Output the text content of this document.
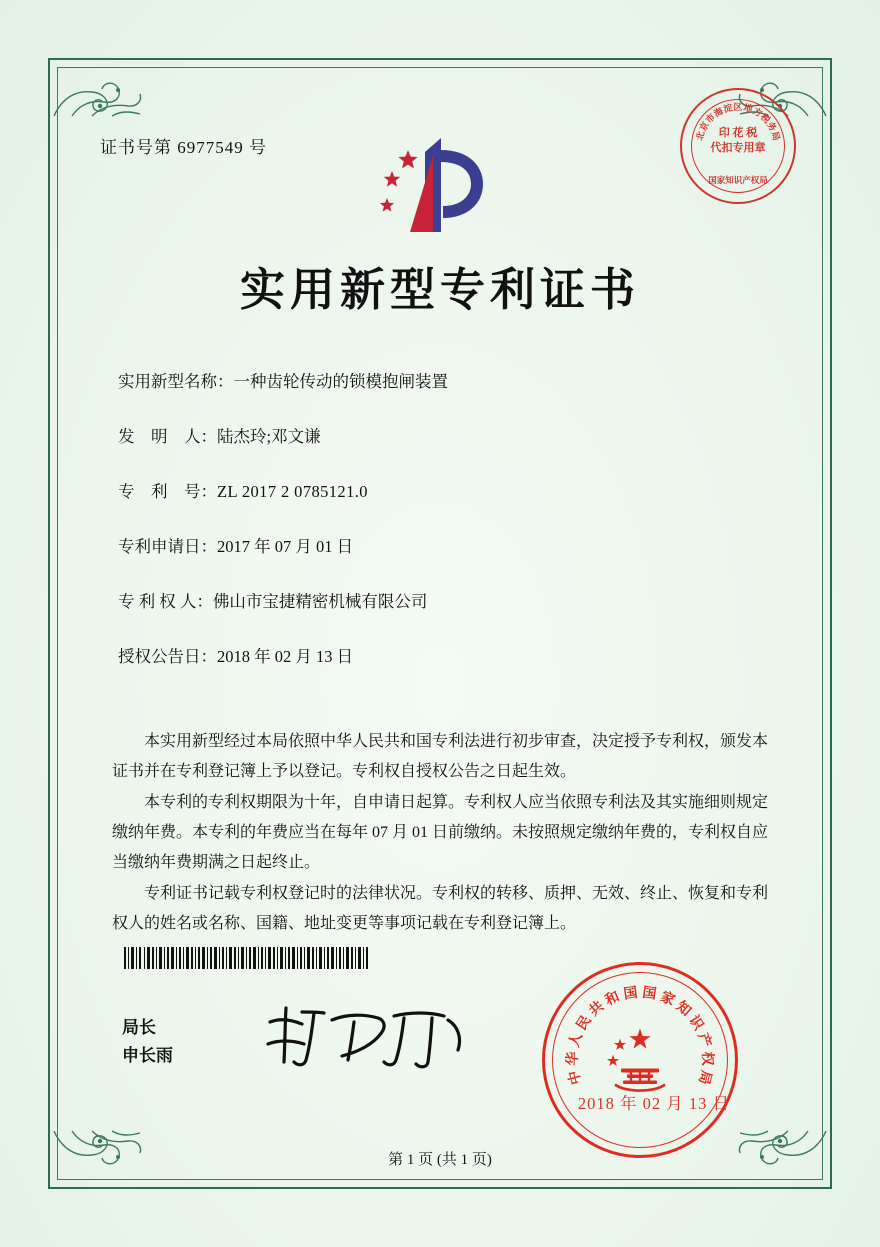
证书号第 6977549 号
北
京
市
海
淀 区 地
方
税
务
局
印 花 税
代扣专用章
国家知识产权局
实用新型专利证书
实用新型名称： 一种齿轮传动的锁模抱闸装置
发　明　人： 陆杰玲;邓文谦
专　利　号： ZL 2017 2 0785121.0
专利申请日： 2017 年 07 月 01 日
专 利 权 人： 佛山市宝捷精密机械有限公司
授权公告日： 2018 年 02 月 13 日

本实用新型经过本局依照中华人民共和国专利法进行初步审查，决定授予专利权，颁发本证书并在专利登记簿上予以登记。专利权自授权公告之日起生效。

本专利的专利权期限为十年，自申请日起算。专利权人应当依照专利法及其实施细则规定缴纳年费。本专利的年费应当在每年 07 月 01 日前缴纳。未按照规定缴纳年费的，专利权自应当缴纳年费期满之日起终止。

专利证书记载专利权登记时的法律状况。专利权的转移、质押、无效、终止、恢复和专利权人的姓名或名称、国籍、地址变更等事项记载在专利登记簿上。

局长
申长雨
中
华
人
民
共
和 国 国 家
知
识
产
权
局
2018 年 02 月 13 日
第 1 页 (共 1 页)
